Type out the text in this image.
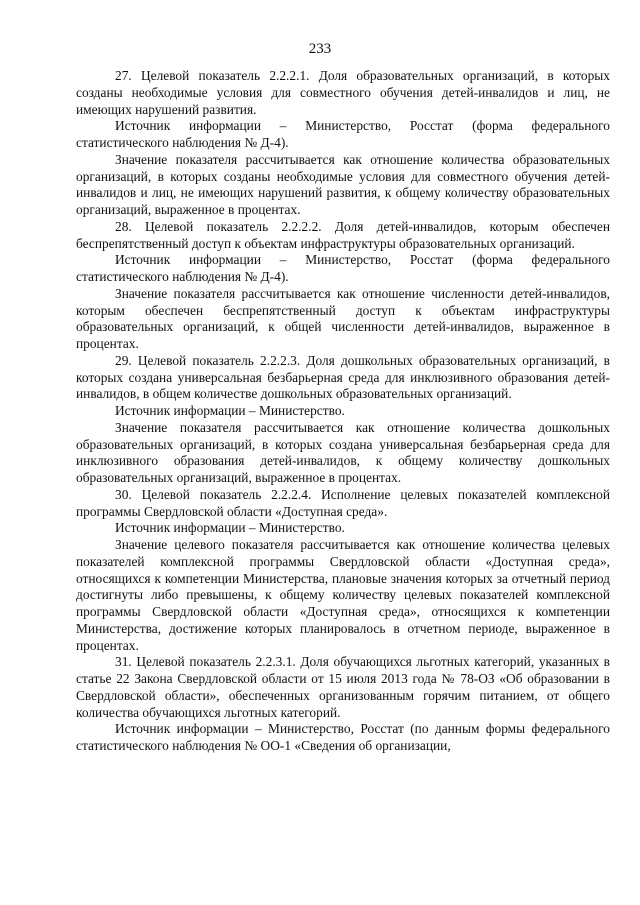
233

27. Целевой показатель 2.2.2.1. Доля образовательных организаций, в которых созданы необходимые условия для совместного обучения детей-инвалидов и лиц, не имеющих нарушений развития.

Источник информации – Министерство, Росстат (форма федерального статистического наблюдения № Д-4).

Значение показателя рассчитывается как отношение количества образовательных организаций, в которых созданы необходимые условия для совместного обучения детей-инвалидов и лиц, не имеющих нарушений развития, к общему количеству образовательных организаций, выраженное в процентах.

28. Целевой показатель 2.2.2.2. Доля детей-инвалидов, которым обеспечен беспрепятственный доступ к объектам инфраструктуры образовательных организаций.

Источник информации – Министерство, Росстат (форма федерального статистического наблюдения № Д-4).

Значение показателя рассчитывается как отношение численности детей-инвалидов, которым обеспечен беспрепятственный доступ к объектам инфраструктуры образовательных организаций, к общей численности детей-инвалидов, выраженное в процентах.

29. Целевой показатель 2.2.2.3. Доля дошкольных образовательных организаций, в которых создана универсальная безбарьерная среда для инклюзивного образования детей-инвалидов, в общем количестве дошкольных образовательных организаций.

Источник информации – Министерство.

Значение показателя рассчитывается как отношение количества дошкольных образовательных организаций, в которых создана универсальная безбарьерная среда для инклюзивного образования детей-инвалидов, к общему количеству дошкольных образовательных организаций, выраженное в процентах.

30. Целевой показатель 2.2.2.4. Исполнение целевых показателей комплексной программы Свердловской области «Доступная среда».

Источник информации – Министерство.

Значение целевого показателя рассчитывается как отношение количества целевых показателей комплексной программы Свердловской области «Доступная среда», относящихся к компетенции Министерства, плановые значения которых за отчетный период достигнуты либо превышены, к общему количеству целевых показателей комплексной программы Свердловской области «Доступная среда», относящихся к компетенции Министерства, достижение которых планировалось в отчетном периоде, выраженное в процентах.

31. Целевой показатель 2.2.3.1. Доля обучающихся льготных категорий, указанных в статье 22 Закона Свердловской области от 15 июля 2013 года № 78-ОЗ «Об образовании в Свердловской области», обеспеченных организованным горячим питанием, от общего количества обучающихся льготных категорий.

Источник информации – Министерство, Росстат (по данным формы федерального статистического наблюдения № ОО-1 «Сведения об организации,
